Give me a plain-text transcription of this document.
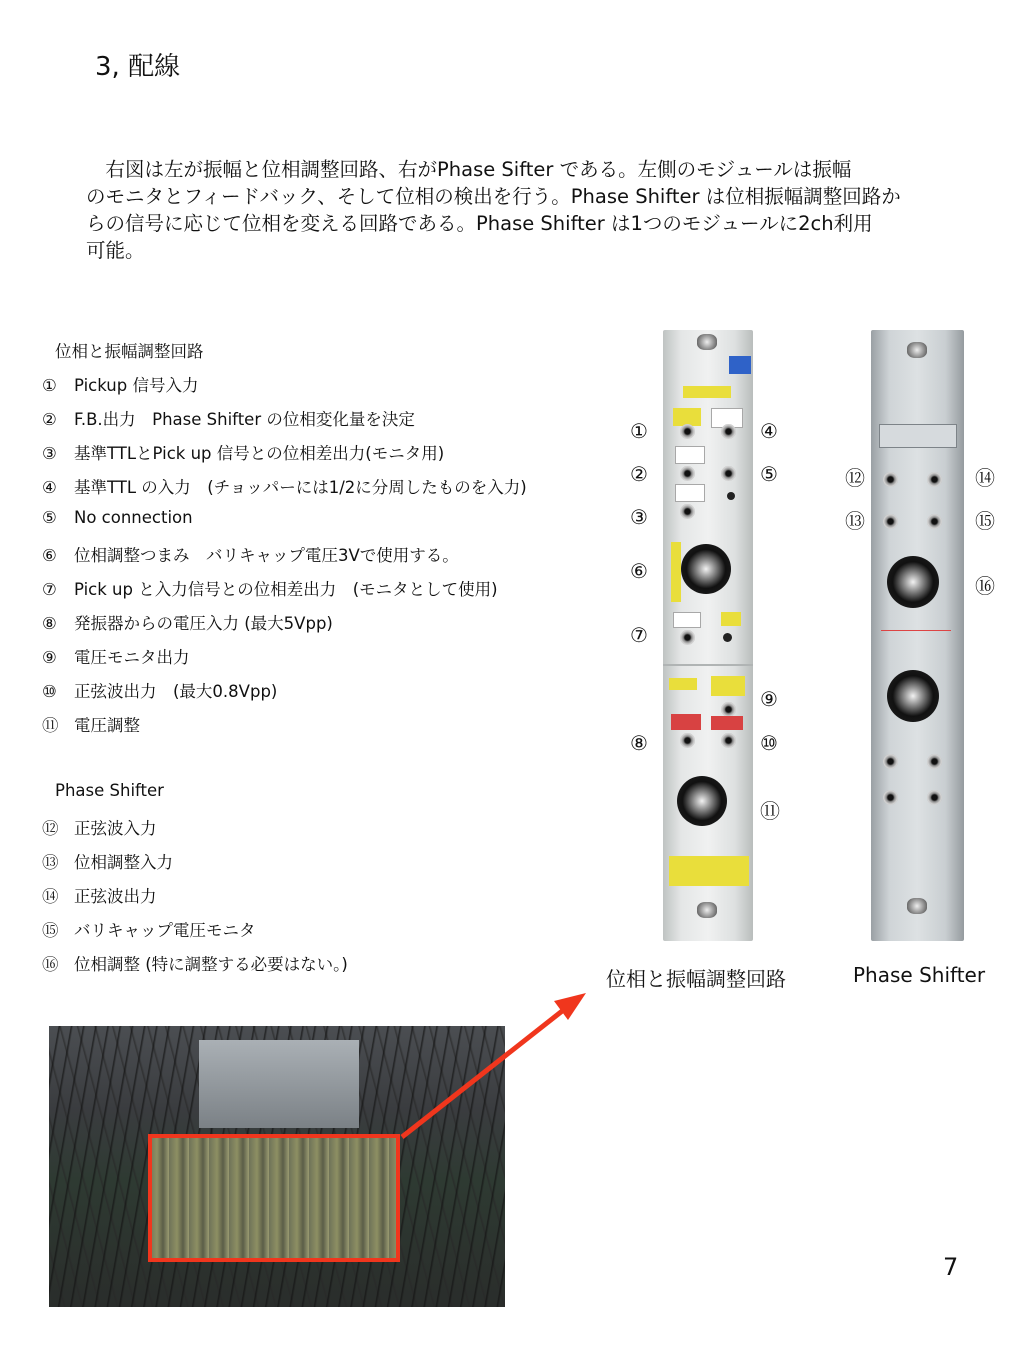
3, 配線
　右図は左が振幅と位相調整回路、右がPhase Sifter である。左側のモジュールは振幅
のモニタとフィードバック、そして位相の検出を行う。Phase Shifter は位相振幅調整回路か
らの信号に応じて位相を変える回路である。Phase Shifter は1つのモジュールに2ch利用
可能。
位相と振幅調整回路
① Pickup 信号入力
② F.B.出力　Phase Shifter の位相変化量を決定
③ 基準TTLとPick up 信号との位相差出力(モニタ用)
④ 基準TTL の入力　(チョッパーには1/2に分周したものを入力)
⑤ No connection
⑥ 位相調整つまみ　バリキャップ電圧3Vで使用する。
⑦ Pick up と入力信号との位相差出力　(モニタとして使用)
⑧ 発振器からの電圧入力 (最大5Vpp)
⑨ 電圧モニタ出力
⑩ 正弦波出力　(最大0.8Vpp)
⑪ 電圧調整
Phase Shifter
⑫ 正弦波入力
⑬ 位相調整入力
⑭ 正弦波出力
⑮ バリキャップ電圧モニタ
⑯ 位相調整 (特に調整する必要はない。)
①
②
③
④
⑤
⑥
⑦
⑧
⑨
⑩
⑪
⑫
⑬
⑭
⑮
⑯
位相と振幅調整回路	Phase Shifter
7
